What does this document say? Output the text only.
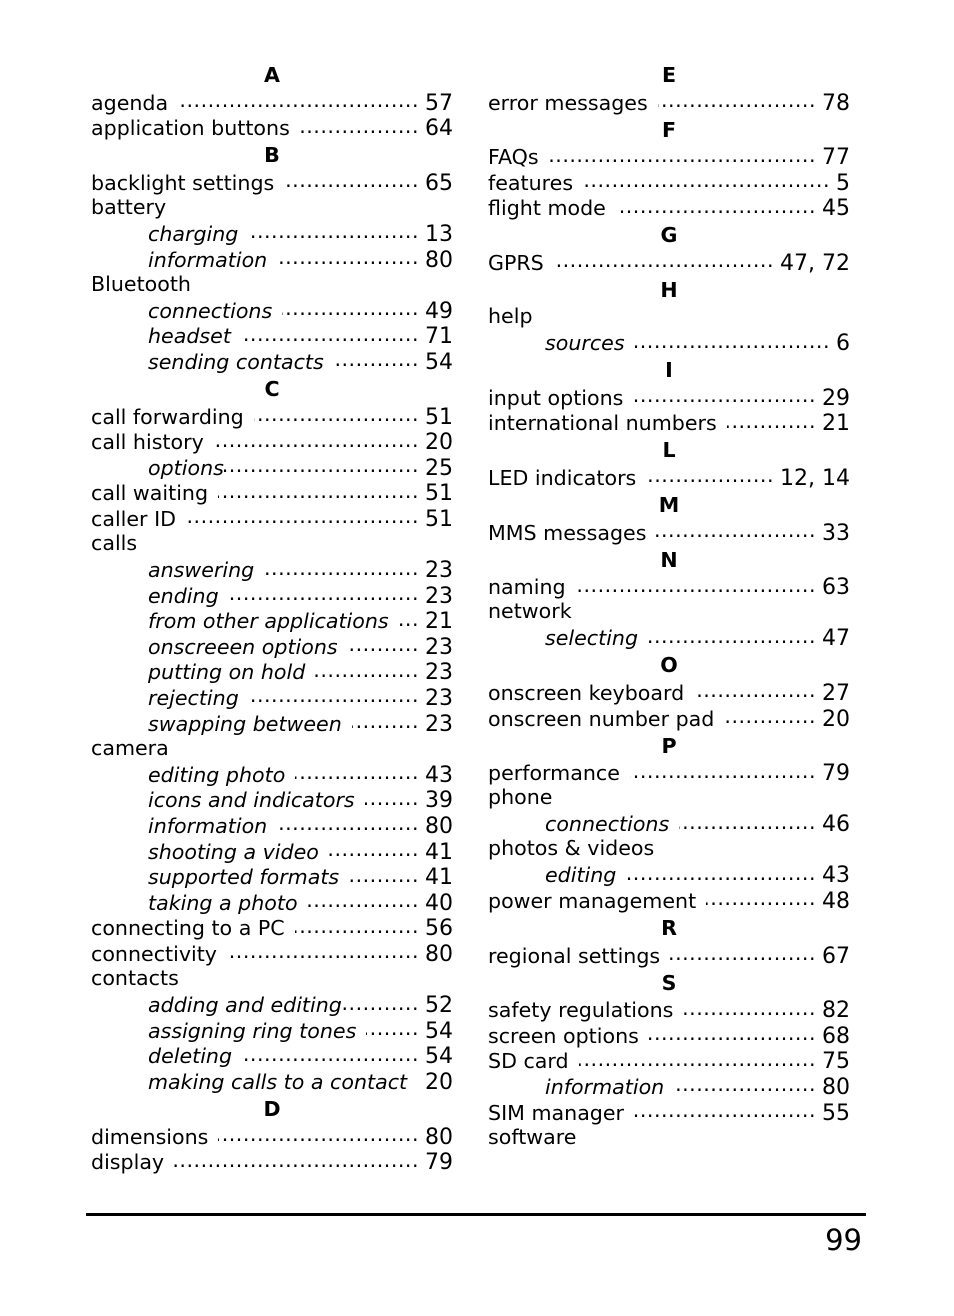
A
agenda .....	57
application buttons .....	64
B
backlight settings .....	65
battery
charging .....	13
information .....	80
Bluetooth
connections .....	49
headset .....	71
sending contacts .....	54
C
call forwarding .....	51
call history .....	20
options .....	25
call waiting .....	51
caller ID .....	51
calls
answering .....	23
ending .....	23
from other applications .....	21
onscreeen options .....	23
putting on hold .....	23
rejecting .....	23
swapping between .....	23
camera
editing photo .....	43
icons and indicators .....	39
information .....	80
shooting a video .....	41
supported formats .....	41
taking a photo .....	40
connecting to a PC .....	56
connectivity .....	80
contacts
adding and editing .....	52
assigning ring tones .....	54
deleting .....	54
making calls to a contact 20
D
dimensions .....	80
display .....	79
E
error messages .....	78
F
FAQs .....	77
features .....	5
flight mode .....	45
G
GPRS .....	47, 72
H
help
sources .....	6
I
input options .....	29
international numbers .....	21
L
LED indicators .....	12, 14
M
MMS messages .....	33
N
naming .....	63
network
selecting .....	47
O
onscreen keyboard .....	27
onscreen number pad .....	20
P
performance .....	79
phone
connections .....	46
photos & videos
editing .....	43
power management .....	48
R
regional settings .....	67
S
safety regulations .....	82
screen options .....	68
SD card .....	75
information .....	80
SIM manager .....	55
software
99
